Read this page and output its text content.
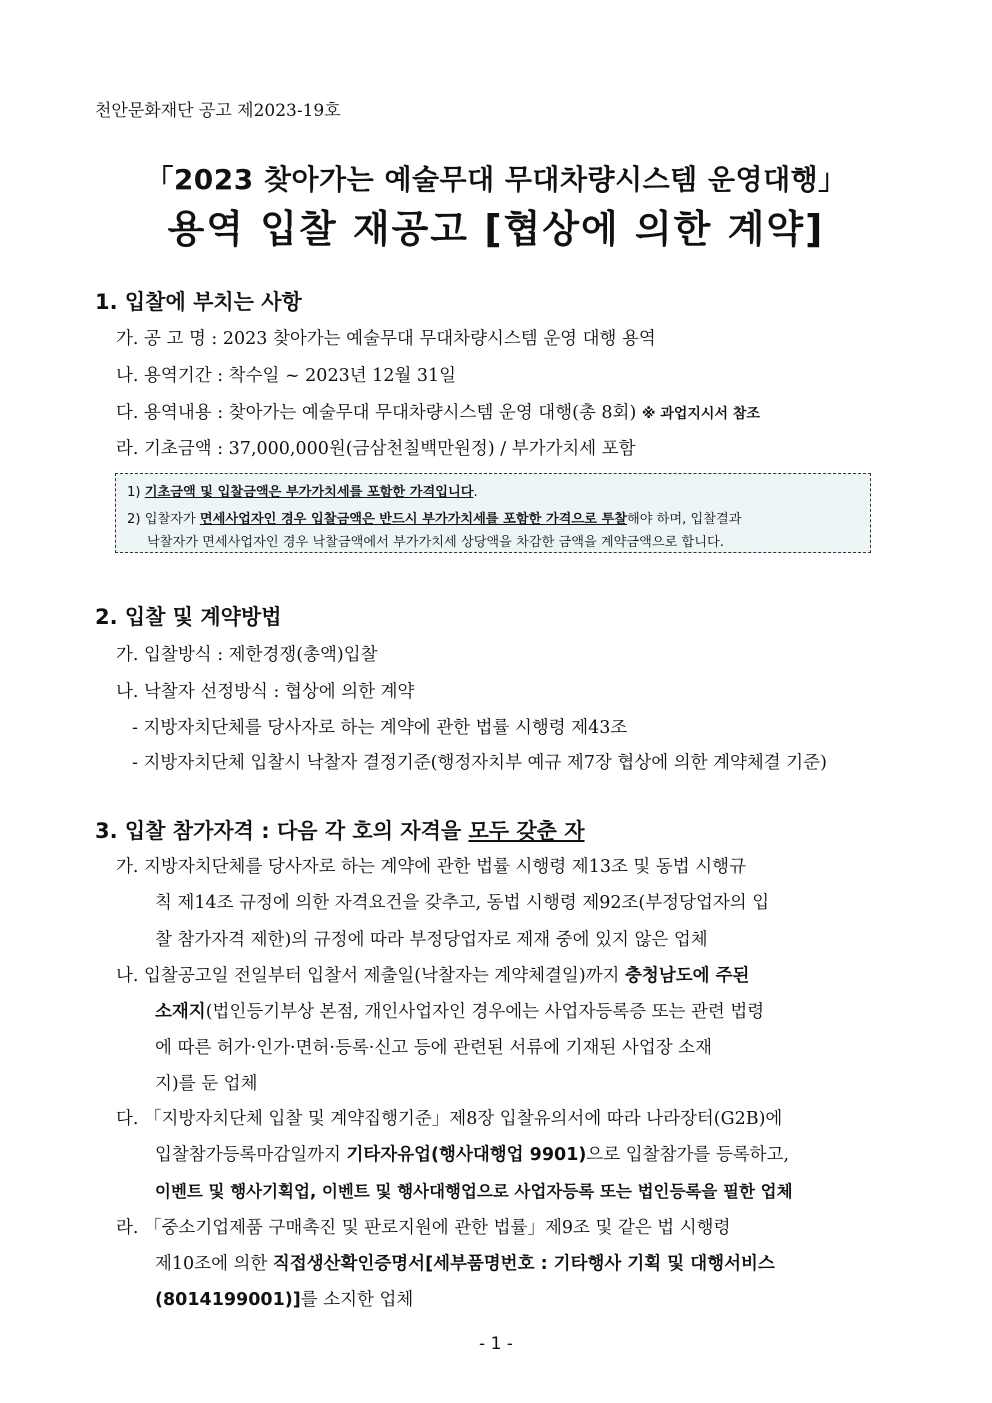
천안문화재단 공고 제2023-19호
「2023 찾아가는 예술무대 무대차량시스템 운영대행」
용역 입찰 재공고 [협상에 의한 계약]
1. 입찰에 부치는 사항
가. 공 고 명 : 2023 찾아가는 예술무대 무대차량시스템 운영 대행 용역
나. 용역기간 : 착수일 ~ 2023년 12월 31일
다. 용역내용 : 찾아가는 예술무대 무대차량시스템 운영 대행(총 8회) ※ 과업지시서 참조
라. 기초금액 : 37,000,000원(금삼천칠백만원정) / 부가가치세 포함
1) 기초금액 및 입찰금액은 부가가치세를 포함한 가격입니다.
2) 입찰자가 면세사업자인 경우 입찰금액은 반드시 부가가치세를 포함한 가격으로 투찰해야 하며, 입찰결과
낙찰자가 면세사업자인 경우 낙찰금액에서 부가가치세 상당액을 차감한 금액을 계약금액으로 합니다.
2. 입찰 및 계약방법
가. 입찰방식 : 제한경쟁(총액)입찰
나. 낙찰자 선정방식 : 협상에 의한 계약
- 지방자치단체를 당사자로 하는 계약에 관한 법률 시행령 제43조
- 지방자치단체 입찰시 낙찰자 결정기준(행정자치부 예규 제7장 협상에 의한 계약체결 기준)
3. 입찰 참가자격 : 다음 각 호의 자격을 모두 갖춘 자
가. 지방자치단체를 당사자로 하는 계약에 관한 법률 시행령 제13조 및 동법 시행규
칙 제14조 규정에 의한 자격요건을 갖추고, 동법 시행령 제92조(부정당업자의 입
찰 참가자격 제한)의 규정에 따라 부정당업자로 제재 중에 있지 않은 업체
나. 입찰공고일 전일부터 입찰서 제출일(낙찰자는 계약체결일)까지 충청남도에 주된
소재지(법인등기부상 본점, 개인사업자인 경우에는 사업자등록증 또는 관련 법령
에 따른 허가·인가·면허·등록·신고 등에 관련된 서류에 기재된 사업장 소재
지)를 둔 업체
다. 「지방자치단체 입찰 및 계약집행기준」제8장 입찰유의서에 따라 나라장터(G2B)에
입찰참가등록마감일까지 기타자유업(행사대행업 9901)으로 입찰참가를 등록하고,
이벤트 및 행사기획업, 이벤트 및 행사대행업으로 사업자등록 또는 법인등록을 필한 업체
라. 「중소기업제품 구매촉진 및 판로지원에 관한 법률」제9조 및 같은 법 시행령
제10조에 의한 직접생산확인증명서[세부품명번호 : 기타행사 기획 및 대행서비스
(8014199001)]를 소지한 업체
- 1 -
